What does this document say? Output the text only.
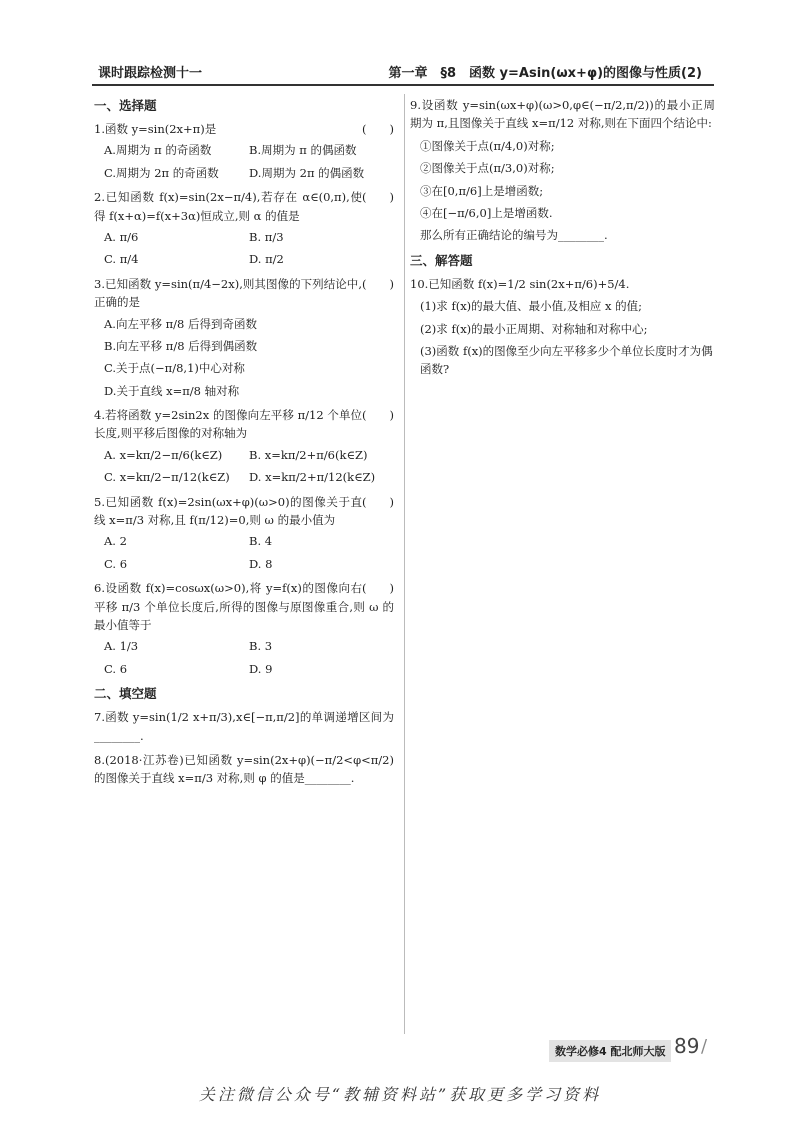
课时跟踪检测十一	第一章　§8　函数 y=Asin(ωx+φ)的图像与性质(2)
一、选择题
(　　)
1.函数 y=sin(2x+π)是
A.周期为 π 的奇函数	B.周期为 π 的偶函数
C.周期为 2π 的奇函数	D.周期为 2π 的偶函数
(　　)
2.已知函数 f(x)=sin(2x−π/4),若存在 α∈(0,π),使得 f(x+α)=f(x+3α)恒成立,则 α 的值是
A. π/6	B. π/3
C. π/4	D. π/2
(　　)
3.已知函数 y=sin(π/4−2x),则其图像的下列结论中,正确的是
A.向左平移 π/8 后得到奇函数
B.向左平移 π/8 后得到偶函数
C.关于点(−π/8,1)中心对称
D.关于直线 x=π/8 轴对称
(　　)
4.若将函数 y=2sin2x 的图像向左平移 π/12 个单位长度,则平移后图像的对称轴为
A. x=kπ/2−π/6(k∈Z)	B. x=kπ/2+π/6(k∈Z)
C. x=kπ/2−π/12(k∈Z)	D. x=kπ/2+π/12(k∈Z)
(　　)
5.已知函数 f(x)=2sin(ωx+φ)(ω>0)的图像关于直线 x=π/3 对称,且 f(π/12)=0,则 ω 的最小值为
A. 2	B. 4
C. 6	D. 8
(　　)
6.设函数 f(x)=cosωx(ω>0),将 y=f(x)的图像向右平移 π/3 个单位长度后,所得的图像与原图像重合,则 ω 的最小值等于
A. 1/3	B. 3
C. 6	D. 9
二、填空题
7.函数 y=sin(1/2 x+π/3),x∈[−π,π/2]的单调递增区间为________.
8.(2018·江苏卷)已知函数 y=sin(2x+φ)(−π/2<φ<π/2)的图像关于直线 x=π/3 对称,则 φ 的值是________.
9.设函数 y=sin(ωx+φ)(ω>0,φ∈(−π/2,π/2))的最小正周期为 π,且图像关于直线 x=π/12 对称,则在下面四个结论中:
①图像关于点(π/4,0)对称;
②图像关于点(π/3,0)对称;
③在[0,π/6]上是增函数;
④在[−π/6,0]上是增函数.
那么所有正确结论的编号为________.
三、解答题
10.已知函数 f(x)=1/2 sin(2x+π/6)+5/4.
(1)求 f(x)的最大值、最小值,及相应 x 的值;
(2)求 f(x)的最小正周期、对称轴和对称中心;
(3)函数 f(x)的图像至少向左平移多少个单位长度时才为偶函数?
数学必修4 配北师大版 89 /
关注微信公众号“教辅资料站”获取更多学习资料
